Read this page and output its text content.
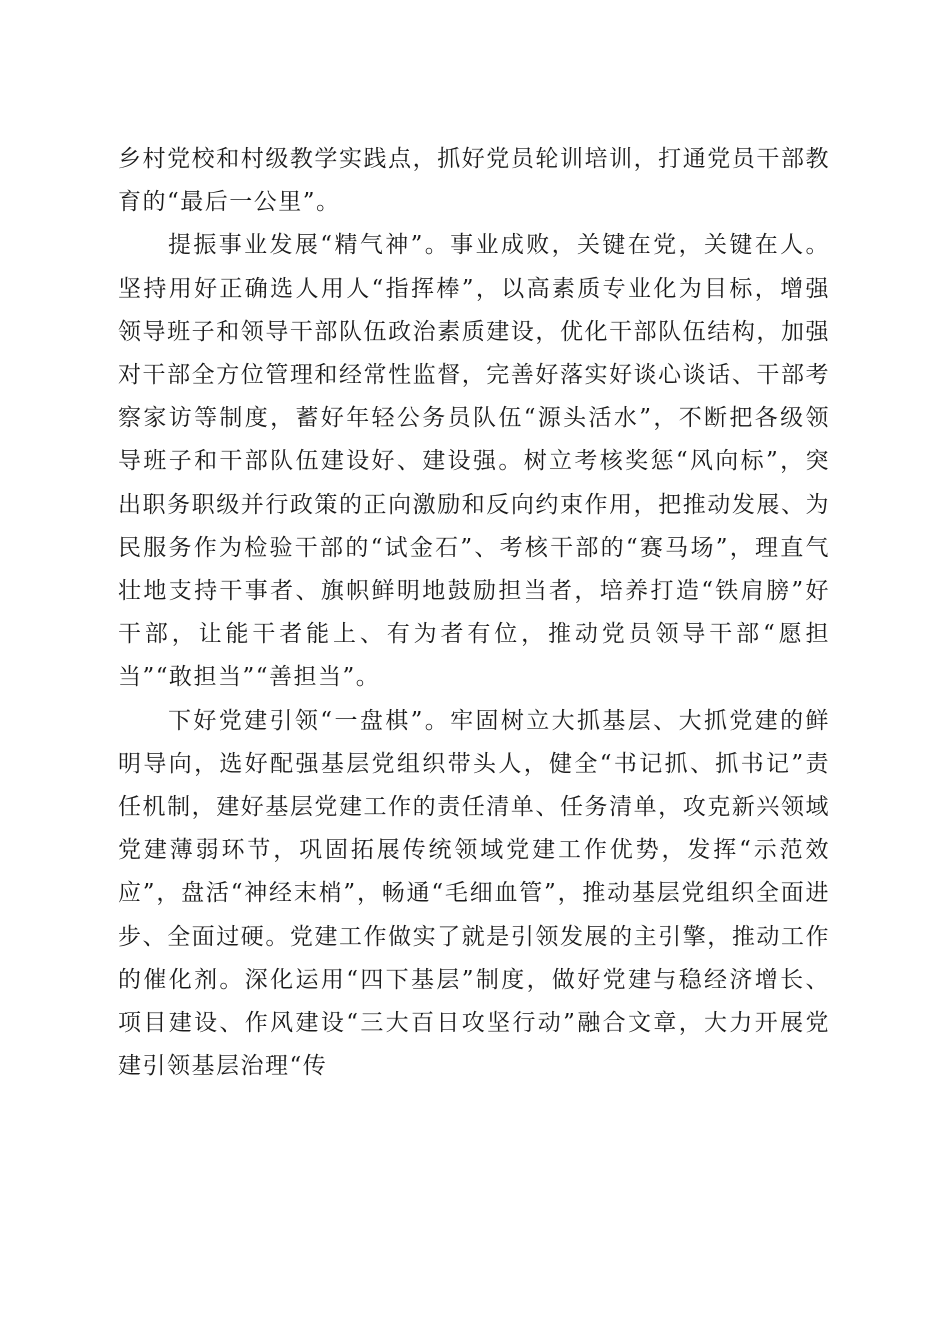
乡村党校和村级教学实践点，抓好党员轮训培训，打通党员干部教育的“最后一公里”。

提振事业发展“精气神”。事业成败，关键在党，关键在人。坚持用好正确选人用人“指挥棒”，以高素质专业化为目标，增强领导班子和领导干部队伍政治素质建设，优化干部队伍结构，加强对干部全方位管理和经常性监督，完善好落实好谈心谈话、干部考察家访等制度，蓄好年轻公务员队伍“源头活水”，不断把各级领导班子和干部队伍建设好、建设强。树立考核奖惩“风向标”，突出职务职级并行政策的正向激励和反向约束作用，把推动发展、为民服务作为检验干部的“试金石”、考核干部的“赛马场”，理直气壮地支持干事者、旗帜鲜明地鼓励担当者，培养打造“铁肩膀”好干部，让能干者能上、有为者有位，推动党员领导干部“愿担当”“敢担当”“善担当”。

下好党建引领“一盘棋”。牢固树立大抓基层、大抓党建的鲜明导向，选好配强基层党组织带头人，健全“书记抓、抓书记”责任机制，建好基层党建工作的责任清单、任务清单，攻克新兴领域党建薄弱环节，巩固拓展传统领域党建工作优势，发挥“示范效应”，盘活“神经末梢”，畅通“毛细血管”，推动基层党组织全面进步、全面过硬。党建工作做实了就是引领发展的主引擎，推动工作的催化剂。深化运用“四下基层”制度，做好党建与稳经济增长、项目建设、作风建设“三大百日攻坚行动”融合文章，大力开展党建引领基层治理“传
